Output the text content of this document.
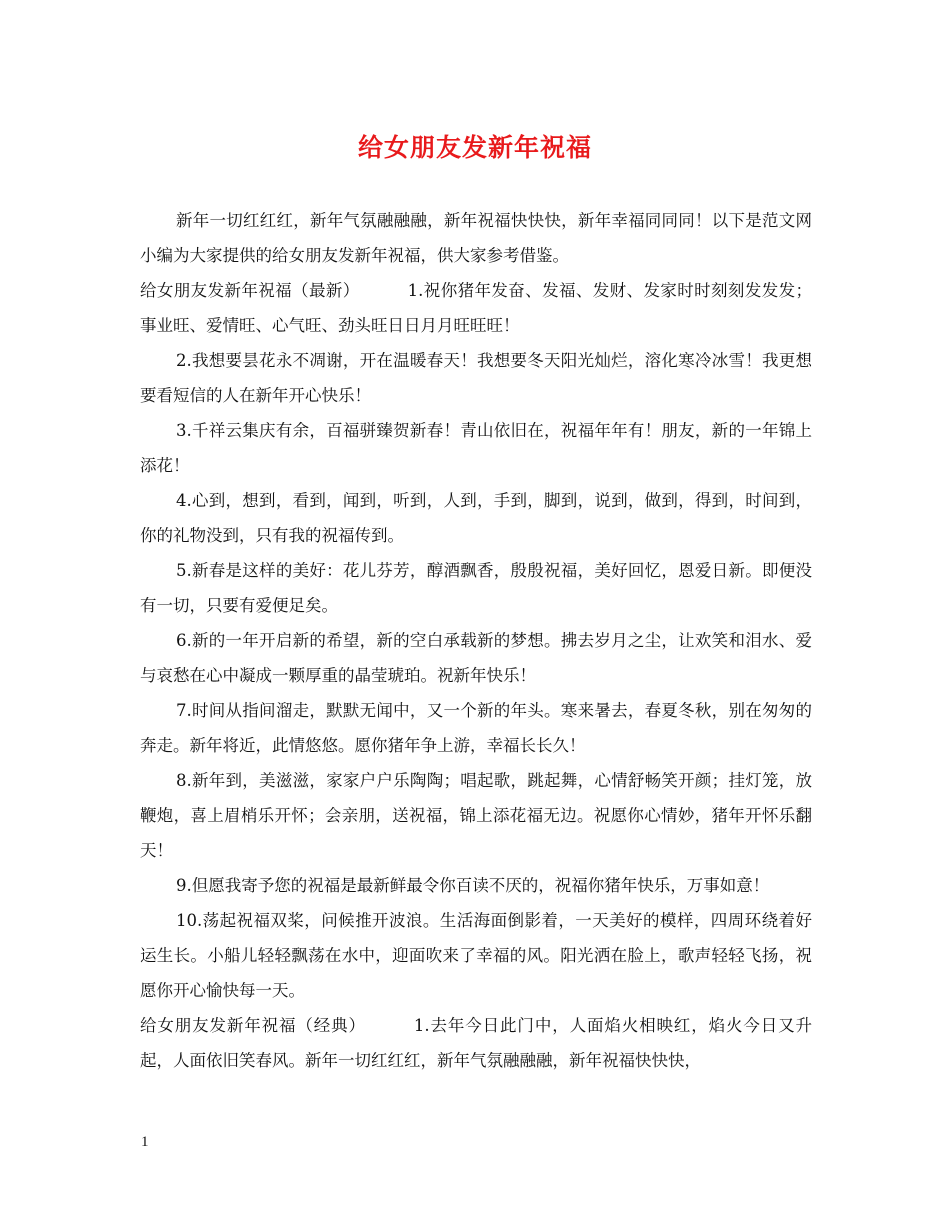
给女朋友发新年祝福

新年一切红红红，新年气氛融融融，新年祝福快快快，新年幸福同同同！以下是范文网小编为大家提供的给女朋友发新年祝福，供大家参考借鉴。

给女朋友发新年祝福（最新）	1.祝你猪年发奋、发福、发财、发家时时刻刻发发发；事业旺、爱情旺、心气旺、劲头旺日日月月旺旺旺！

2.我想要昙花永不凋谢，开在温暖春天！我想要冬天阳光灿烂，溶化寒冷冰雪！我更想要看短信的人在新年开心快乐！

3.千祥云集庆有余，百福骈臻贺新春！青山依旧在，祝福年年有！朋友，新的一年锦上添花！

4.心到，想到，看到，闻到，听到，人到，手到，脚到，说到，做到，得到，时间到，你的礼物没到，只有我的祝福传到。

5.新春是这样的美好：花儿芬芳，醇酒飘香，殷殷祝福，美好回忆，恩爱日新。即便没有一切，只要有爱便足矣。

6.新的一年开启新的希望，新的空白承载新的梦想。拂去岁月之尘，让欢笑和泪水、爱与哀愁在心中凝成一颗厚重的晶莹琥珀。祝新年快乐！

7.时间从指间溜走，默默无闻中，又一个新的年头。寒来暑去，春夏冬秋，别在匆匆的奔走。新年将近，此情悠悠。愿你猪年争上游，幸福长长久！

8.新年到，美滋滋，家家户户乐陶陶；唱起歌，跳起舞，心情舒畅笑开颜；挂灯笼，放鞭炮，喜上眉梢乐开怀；会亲朋，送祝福，锦上添花福无边。祝愿你心情妙，猪年开怀乐翻天！

9.但愿我寄予您的祝福是最新鲜最令你百读不厌的，祝福你猪年快乐，万事如意！

10.荡起祝福双桨，问候推开波浪。生活海面倒影着，一天美好的模样，四周环绕着好运生长。小船儿轻轻飘荡在水中，迎面吹来了幸福的风。阳光洒在脸上，歌声轻轻飞扬，祝愿你开心愉快每一天。

给女朋友发新年祝福（经典）	1.去年今日此门中，人面焰火相映红，焰火今日又升起，人面依旧笑春风。新年一切红红红，新年气氛融融融，新年祝福快快快，

1
